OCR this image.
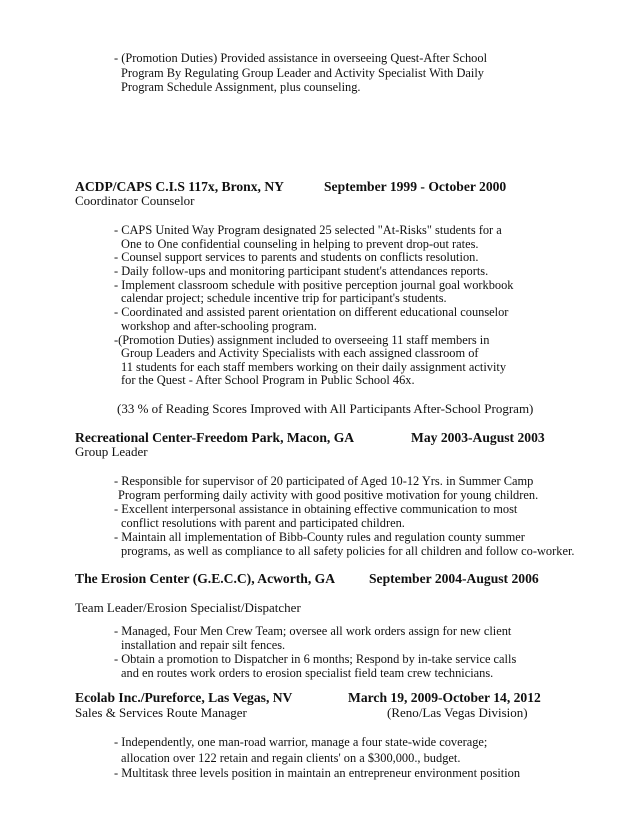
- (Promotion Duties) Provided assistance in overseeing Quest-After School
Program By Regulating Group Leader and Activity Specialist With Daily
Program Schedule Assignment, plus counseling.
ACDP/CAPS C.I.S 117x, Bronx, NY	September 1999 - October 2000
Coordinator Counselor
- CAPS United Way Program designated 25 selected "At-Risks" students for a
One to One confidential counseling in helping to prevent drop-out rates.
- Counsel support services to parents and students on conflicts resolution.
- Daily follow-ups and monitoring participant student's attendances reports.
- Implement classroom schedule with positive perception journal goal workbook
calendar project; schedule incentive trip for participant's students.
- Coordinated and assisted parent orientation on different educational counselor
workshop and after-schooling program.
-(Promotion Duties) assignment included to overseeing 11 staff members in
Group Leaders and Activity Specialists with each assigned classroom of
11 students for each staff members working on their daily assignment activity
for the Quest - After School Program in Public School 46x.
(33 % of Reading Scores Improved with All Participants After-School Program)
Recreational Center-Freedom Park, Macon, GA	May 2003-August 2003
Group Leader
- Responsible for supervisor of 20 participated of Aged 10-12 Yrs. in Summer Camp
Program performing daily activity with good positive motivation for young children.
- Excellent interpersonal assistance in obtaining effective communication to most
conflict resolutions with parent and participated children.
- Maintain all implementation of Bibb-County rules and regulation county summer
programs, as well as compliance to all safety policies for all children and follow co-worker.
The Erosion Center (G.E.C.C), Acworth, GA September 2004-August 2006
Team Leader/Erosion Specialist/Dispatcher
- Managed, Four Men Crew Team; oversee all work orders assign for new client
installation and repair silt fences.
- Obtain a promotion to Dispatcher in 6 months; Respond by in-take service calls
and en routes work orders to erosion specialist field team crew technicians.
Ecolab Inc./Pureforce, Las Vegas, NV	March 19, 2009-October 14, 2012
Sales & Services Route Manager	(Reno/Las Vegas Division)
- Independently, one man-road warrior, manage a four state-wide coverage;
allocation over 122 retain and regain clients' on a $300,000., budget.
- Multitask three levels position in maintain an entrepreneur environment position
